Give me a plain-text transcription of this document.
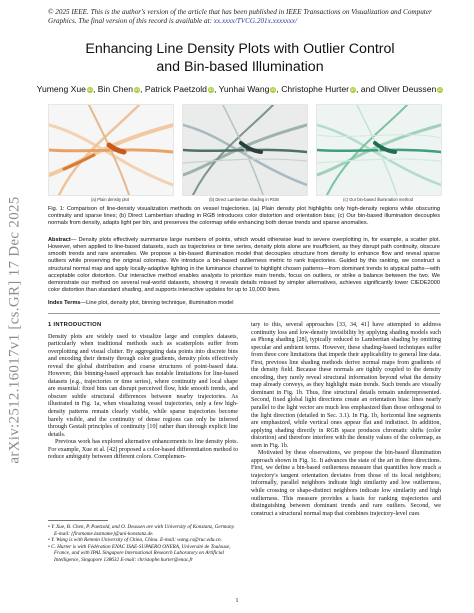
© 2025 IEEE. This is the author's version of the article that has been published in IEEE Transactions on Visualization and Computer Graphics. The final version of this record is available at: xx.xxxx/TVCG.201x.xxxxxxx/
Enhancing Line Density Plots with Outlier Control
and Bin-based Illumination
Yumeng Xue iD, Bin Chen iD, Patrick Paetzold iD, Yunhai Wang iD, Christophe Hurter iD, and Oliver Deussen iD
arXiv:2512.16017v1 [cs.GR] 17 Dec 2025	(a) Plain density plot	(b) Direct Lambertian shading in RGB	(c) Our bin-based illumination method
Fig. 1: Comparison of line-density visualization methods on vessel trajectories. (a) Plain density plot highlights only high-density regions while obscuring continuity and sparse lines; (b) Direct Lambertian shading in RGB introduces color distortion and orientation bias; (c) Our bin-based illumination decouples normals from density, adapts light per bin, and preserves the colormap while enhancing both dense trends and sparse anomalies.
Abstract— Density plots effectively summarize large numbers of points, which would otherwise lead to severe overplotting in, for example, a scatter plot. However, when applied to line-based datasets, such as trajectories or time series, density plots alone are insufficient, as they disrupt path continuity, obscure smooth trends and rare anomalies. We propose a bin-based illumination model that decouples structure from density to enhance flow and reveal sparse outliers while preserving the original colormap. We introduce a bin-based outlierness metric to rank trajectories. Guided by this ranking, we construct a structural normal map and apply locally-adaptive lighting in the luminance channel to highlight chosen patterns—from dominant trends to atypical paths—with acceptable color distortion. Our interactive method enables analysts to prioritize main trends, focus on outliers, or strike a balance between the two. We demonstrate our method on several real-world datasets, showing it reveals details missed by simpler alternatives, achieves significantly lower CIEDE2000 color distortion than standard shading, and supports interactive updates for up to 10,000 lines.
Index Terms—Line plot, density plot, binning technique, illumination model
1 INTRODUCTION

Density plots are widely used to visualize large and complex datasets, particularly when traditional methods such as scatterplots suffer from overplotting and visual clutter. By aggregating data points into discrete bins and encoding their density through color gradients, density plots effectively reveal the global distribution and coarse structures of point-based data. However, this binning-based approach has notable limitations for line-based datasets (e.g., trajectories or time series), where continuity and local shape are essential: fixed bins can disrupt perceived flow, hide smooth trends, and obscure subtle structural differences between nearby trajectories. As illustrated in Fig. 1a, when visualizing vessel trajectories, only a few high-density patterns remain clearly visible, while sparse trajectories become barely visible, and the continuity of dense regions can only be inferred through Gestalt principles of continuity [10] rather than through explicit line details.

Previous work has explored alternative enhancements to line density plots. For example, Xue et al. [42] proposed a color-based differentiation method to reduce ambiguity between different colors. Complemen-

tary to this, several approaches [33, 34, 41] have attempted to address continuity loss and low-density invisibility by applying shading models such as Phong shading [28], typically reduced to Lambertian shading by omitting specular and ambient terms. However, these shading-based techniques suffer from three core limitations that impede their applicability to general line data. First, previous line shading methods derive normal maps from gradients of the density field. Because these normals are tightly coupled to the density encoding, they rarely reveal structural information beyond what the density map already conveys, as they highlight main trends. Such trends are visually dominant in Fig. 1b. Thus, fine structural details remain underrepresented. Second, fixed global light directions create an orientation bias: lines nearly parallel to the light vector are much less emphasized than those orthogonal to the light direction (detailed in Sec. 3.1). In Fig. 1b, horizontal line segments are emphasized, while vertical ones appear flat and indistinct. In addition, applying shading directly in RGB space produces chromatic shifts (color distortion) and therefore interfere with the density values of the colormap, as seen in Fig. 1b.

Motivated by these observations, we propose the bin-based illumination approach shown in Fig. 1c. It advances the state of the art in three directions. First, we define a bin-based outlierness measure that quantifies how much a trajectory's tangent orientation deviates from those of its local neighbors; informally, parallel neighbors indicate high similarity and low outlierness, while crossing or shape-distinct neighbors indicate low similarity and high outlierness. This measure provides a basis for ranking trajectories and distinguishing between dominant trends and rare outliers. Second, we construct a structural normal map that combines trajectory-level cues

• Y. Xue, B. Chen, P. Paetzold, and O. Deussen are with University of Konstanz, Germany. E-mail: {firstname.lastname}@uni-konstanz.de.
• Y. Wang is with Renmin University of China, China. E-mail: wang.cs@ruc.edu.cn.
• C. Hurter is with Fédération ENAC ISAE-SUPAERO ONERA, Université de Toulouse, France, and with IPAL Singapore International Research Laboratory on Artificial Intelligence, Singapore 138632 E-mail: christophe.hurter@enac.fr
1
